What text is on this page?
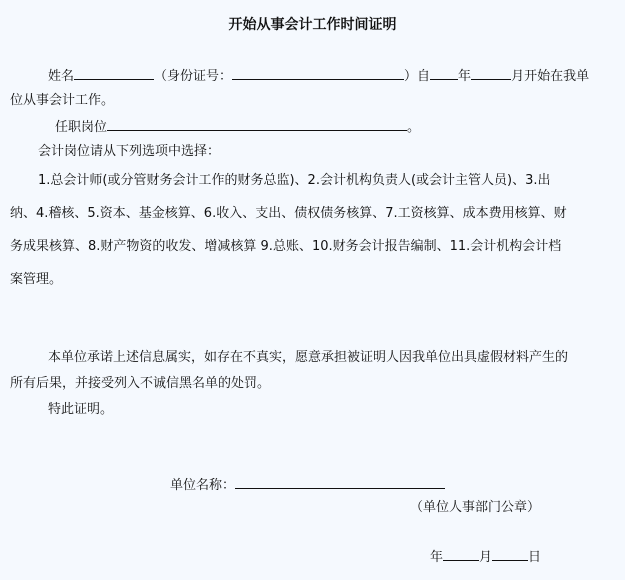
开始从事会计工作时间证明
姓名	（身份证号：	）自 年	月开始在我单
位从事会计工作。
任职岗位	。
会计岗位请从下列选项中选择：
1.总会计师(或分管财务会计工作的财务总监)、2.会计机构负责人(或会计主管人员)、3.出
纳、4.稽核、5.资本、基金核算、6.收入、支出、债权债务核算、7.工资核算、成本费用核算、财
务成果核算、8.财产物资的收发、增减核算 9.总账、10.财务会计报告编制、11.会计机构会计档
案管理。
本单位承诺上述信息属实，如存在不真实，愿意承担被证明人因我单位出具虚假材料产生的
所有后果，并接受列入不诚信黑名单的处罚。
特此证明。
单位名称：
（单位人事部门公章）
年	月	日
